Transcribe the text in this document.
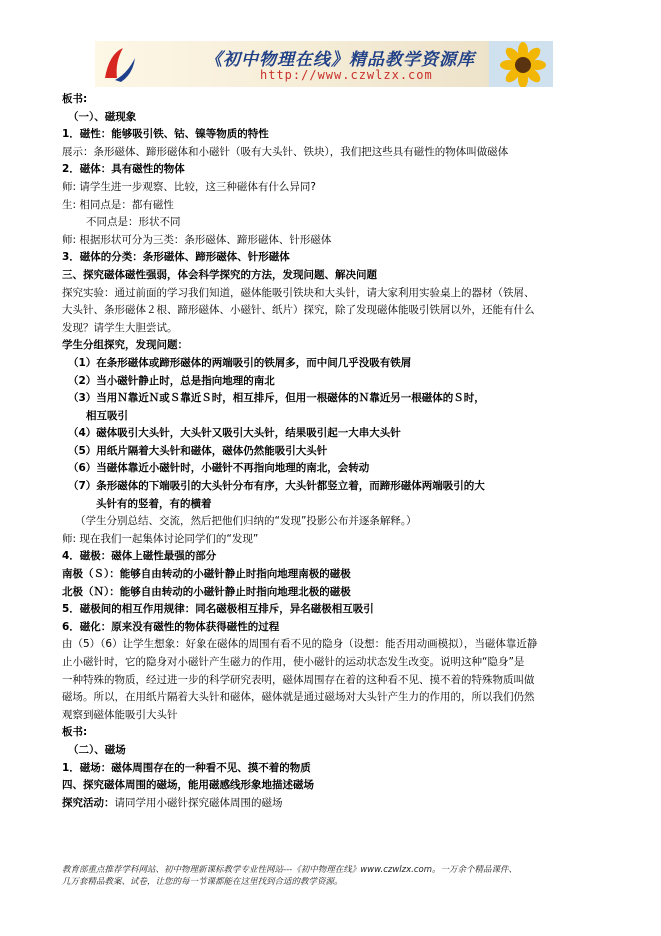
《初中物理在线》精品教学资源库
http://www.czwlzx.com
板书:
（一）、磁现象
1．磁性：能够吸引铁、钴、镍等物质的特性
展示：条形磁体、蹄形磁体和小磁针（吸有大头针、铁块），我们把这些具有磁性的物体叫做磁体
2．磁体：具有磁性的物体
师: 请学生进一步观察、比较，这三种磁体有什么异同?
生: 相同点是：都有磁性
不同点是：形状不同
师: 根据形状可分为三类：条形磁体、蹄形磁体、针形磁体
3．磁体的分类：条形磁体、蹄形磁体、针形磁体
三、探究磁体磁性强弱，体会科学探究的方法，发现问题、解决问题
探究实验：通过前面的学习我们知道，磁体能吸引铁块和大头针，请大家利用实验桌上的器材（铁屑、
大头针、条形磁体２根、蹄形磁体、小磁针、纸片）探究，除了发现磁体能吸引铁屑以外，还能有什么
发现？请学生大胆尝试。
学生分组探究，发现问题：
（1）在条形磁体或蹄形磁体的两端吸引的铁屑多，而中间几乎没吸有铁屑
（2）当小磁针静止时，总是指向地理的南北
（3）当用Ｎ靠近Ｎ或Ｓ靠近Ｓ时，相互排斥，但用一根磁体的Ｎ靠近另一根磁体的Ｓ时，
相互吸引
（4）磁体吸引大头针，大头针又吸引大头针，结果吸引起一大串大头针
（5）用纸片隔着大头针和磁体，磁体仍然能吸引大头针
（6）当磁体靠近小磁针时，小磁针不再指向地理的南北，会转动
（7）条形磁体的下端吸引的大头针分布有序，大头针都竖立着，而蹄形磁体两端吸引的大
头针有的竖着，有的横着
（学生分别总结、交流，然后把他们归纳的“发现”投影公布并逐条解释。）
师: 现在我们一起集体讨论同学们的“发现”
4．磁极：磁体上磁性最强的部分
南极（Ｓ）：能够自由转动的小磁针静止时指向地理南极的磁极
北极（Ｎ）：能够自由转动的小磁针静止时指向地理北极的磁极
5．磁极间的相互作用规律：同名磁极相互排斥，异名磁极相互吸引
6．磁化：原来没有磁性的物体获得磁性的过程
由（5）（6）让学生想象：好象在磁体的周围有看不见的隐身（设想：能否用动画模拟），当磁体靠近静
止小磁针时，它的隐身对小磁针产生磁力的作用，使小磁针的运动状态发生改变。说明这种“隐身”是
一种特殊的物质，经过进一步的科学研究表明，磁体周围存在着的这种看不见、摸不着的特殊物质叫做
磁场。所以，在用纸片隔着大头针和磁体，磁体就是通过磁场对大头针产生力的作用的，所以我们仍然
观察到磁体能吸引大头针
板书:
（二）、磁场
1．磁场：磁体周围存在的一种看不见、摸不着的物质
四、探究磁体周围的磁场，能用磁感线形象地描述磁场
探究活动：请同学用小磁针探究磁体周围的磁场
教育部重点推荐学科网站、初中物理新课标教学专业性网站---《初中物理在线》www.czwlzx.com。一万余个精品课件、
几万套精品教案、试卷，让您的每一节课都能在这里找到合适的教学资源。
